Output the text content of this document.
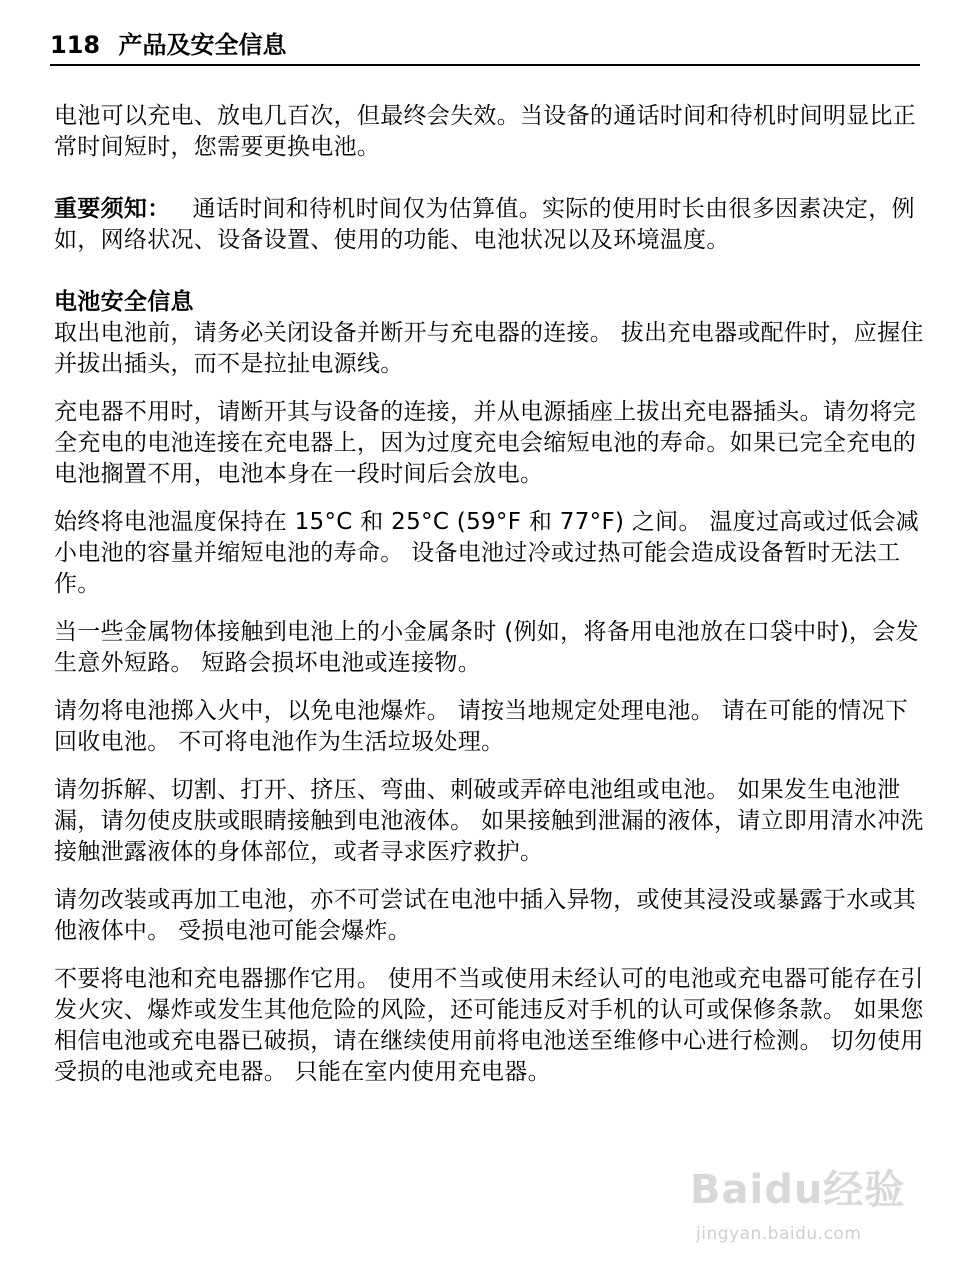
118 产品及安全信息

电池可以充电、放电几百次，但最终会失效。当设备的通话时间和待机时间明显比正常时间短时，您需要更换电池。

重要须知： 通话时间和待机时间仅为估算值。实际的使用时长由很多因素决定，例如，网络状况、设备设置、使用的功能、电池状况以及环境温度。

电池安全信息

取出电池前，请务必关闭设备并断开与充电器的连接。 拔出充电器或配件时，应握住并拔出插头，而不是拉扯电源线。

充电器不用时，请断开其与设备的连接，并从电源插座上拔出充电器插头。请勿将完全充电的电池连接在充电器上，因为过度充电会缩短电池的寿命。如果已完全充电的电池搁置不用，电池本身在一段时间后会放电。

始终将电池温度保持在 15°C 和 25°C (59°F 和 77°F) 之间。 温度过高或过低会减小电池的容量并缩短电池的寿命。 设备电池过冷或过热可能会造成设备暂时无法工作。

当一些金属物体接触到电池上的小金属条时 (例如，将备用电池放在口袋中时)，会发生意外短路。 短路会损坏电池或连接物。

请勿将电池掷入火中，以免电池爆炸。 请按当地规定处理电池。 请在可能的情况下回收电池。 不可将电池作为生活垃圾处理。

请勿拆解、切割、打开、挤压、弯曲、刺破或弄碎电池组或电池。 如果发生电池泄漏，请勿使皮肤或眼睛接触到电池液体。 如果接触到泄漏的液体，请立即用清水冲洗接触泄露液体的身体部位，或者寻求医疗救护。

请勿改装或再加工电池，亦不可尝试在电池中插入异物，或使其浸没或暴露于水或其他液体中。 受损电池可能会爆炸。

不要将电池和充电器挪作它用。 使用不当或使用未经认可的电池或充电器可能存在引发火灾、爆炸或发生其他危险的风险，还可能违反对手机的认可或保修条款。 如果您相信电池或充电器已破损，请在继续使用前将电池送至维修中心进行检测。 切勿使用受损的电池或充电器。 只能在室内使用充电器。

Baidu经验
jingyan.baidu.com
